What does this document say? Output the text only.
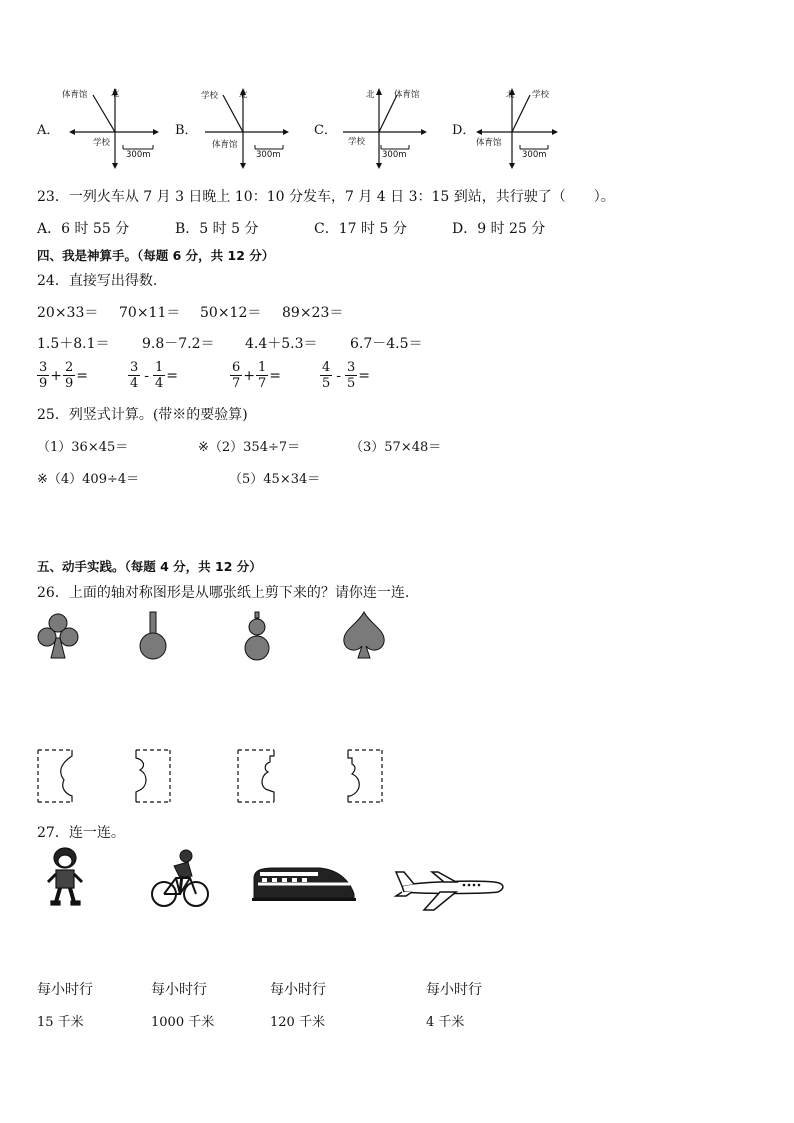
A．
北
体育馆
学校
300m
B．
北
学校
体育馆
300m
C．
北 体育馆
学校
300m
D．
北 学校
体育馆
300m
23．一列火车从 7 月 3 日晚上 10：10 分发车，7 月 4 日 3：15 到站，共行驶了（　　）。
A．6 时 55 分	B．5 时 5 分	C．17 时 5 分	D．9 时 25 分
四、我是神算手。（每题 6 分，共 12 分）
24．直接写出得数.
20×33＝ 70×11＝ 50×12＝ 89×23＝
1.5＋8.1＝ 9.8－7.2＝ 4.4＋5.3＝ 6.7－4.5＝
$\frac{3}{9} + \frac{2}{9}$ =	$\frac{3}{4} - \frac{1}{4}$ =	$\frac{6}{7} + \frac{1}{7}$ =	$\frac{4}{5} - \frac{3}{5}$ =
25．列竖式计算。(带※的要验算)
（1）36×45＝	※（2）354÷7＝	（3）57×48＝
※（4）409÷4＝	（5）45×34＝
五、动手实践。（每题 4 分，共 12 分）
26．上面的轴对称图形是从哪张纸上剪下来的？请你连一连.
27．连一连。
每小时行	每小时行	每小时行	每小时行
15 千米	1000 千米	120 千米	4 千米
